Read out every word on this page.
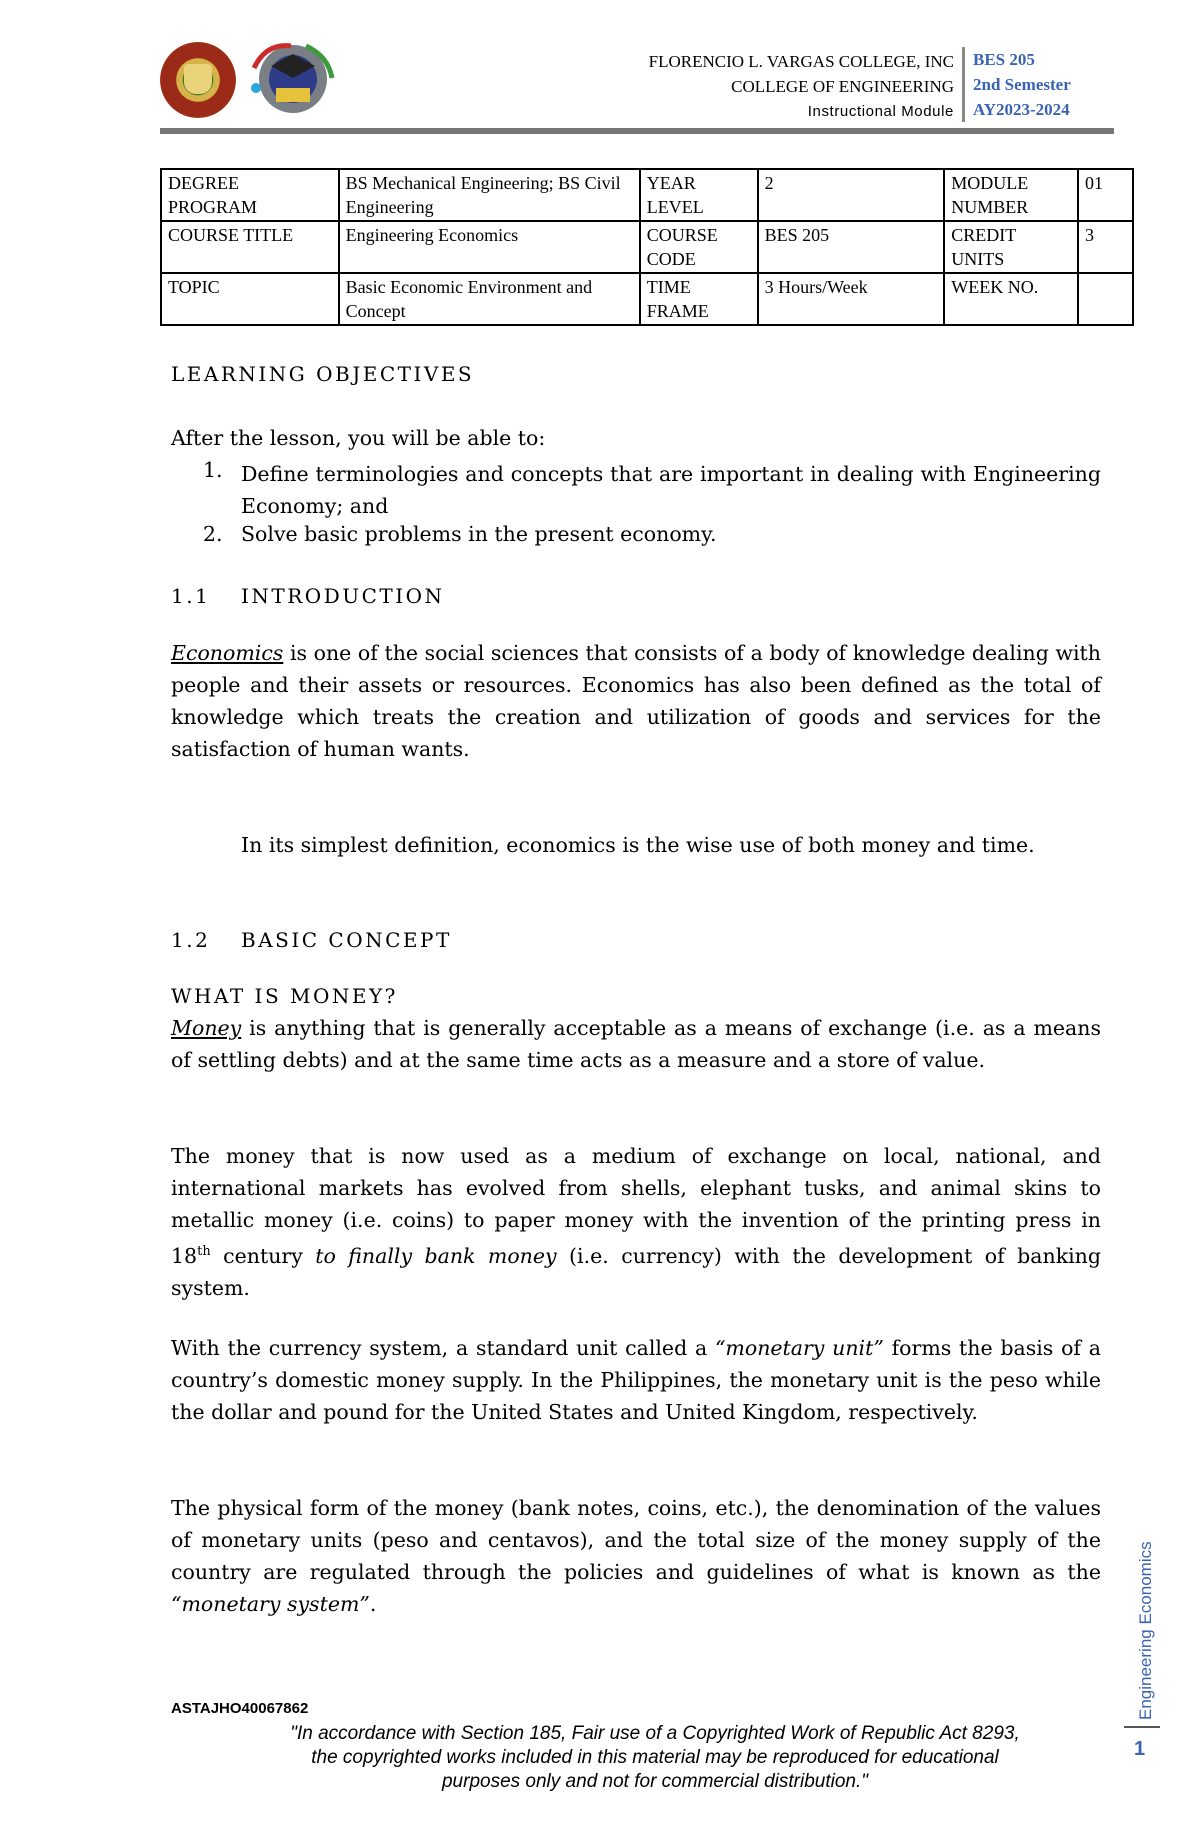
FLORENCIO L. VARGAS COLLEGE, INC
COLLEGE OF ENGINEERING
Instructional Module
BES 205
2nd Semester
AY2023-2024
DEGREE PROGRAM	BS Mechanical Engineering; BS Civil Engineering	YEAR LEVEL	2	MODULE NUMBER	01
COURSE TITLE	Engineering Economics	COURSE CODE	BES 205	CREDIT UNITS	3
TOPIC	Basic Economic Environment and Concept	TIME FRAME	3 Hours/Week	WEEK NO.	
LEARNING OBJECTIVES
After the lesson, you will be able to:
1. Define terminologies and concepts that are important in dealing with Engineering Economy; and
2. Solve basic problems in the present economy.
1.1 INTRODUCTION

Economics is one of the social sciences that consists of a body of knowledge dealing with people and their assets or resources. Economics has also been defined as the total of knowledge which treats the creation and utilization of goods and services for the satisfaction of human wants.

In its simplest definition, economics is the wise use of both money and time.

1.2 BASIC CONCEPT
WHAT IS MONEY?

Money is anything that is generally acceptable as a means of exchange (i.e. as a means of settling debts) and at the same time acts as a measure and a store of value.

The money that is now used as a medium of exchange on local, national, and international markets has evolved from shells, elephant tusks, and animal skins to metallic money (i.e. coins) to paper money with the invention of the printing press in 18th century to finally bank money (i.e. currency) with the development of banking system.

With the currency system, a standard unit called a “monetary unit” forms the basis of a country’s domestic money supply. In the Philippines, the monetary unit is the peso while the dollar and pound for the United States and United Kingdom, respectively.

The physical form of the money (bank notes, coins, etc.), the denomination of the values of monetary units (peso and centavos), and the total size of the money supply of the country are regulated through the policies and guidelines of what is known as the “monetary system”.

ASTAJHO40067862
"In accordance with Section 185, Fair use of a Copyrighted Work of Republic Act 8293, the copyrighted works included in this material may be reproduced for educational purposes only and not for commercial distribution."
Engineering Economics
1
